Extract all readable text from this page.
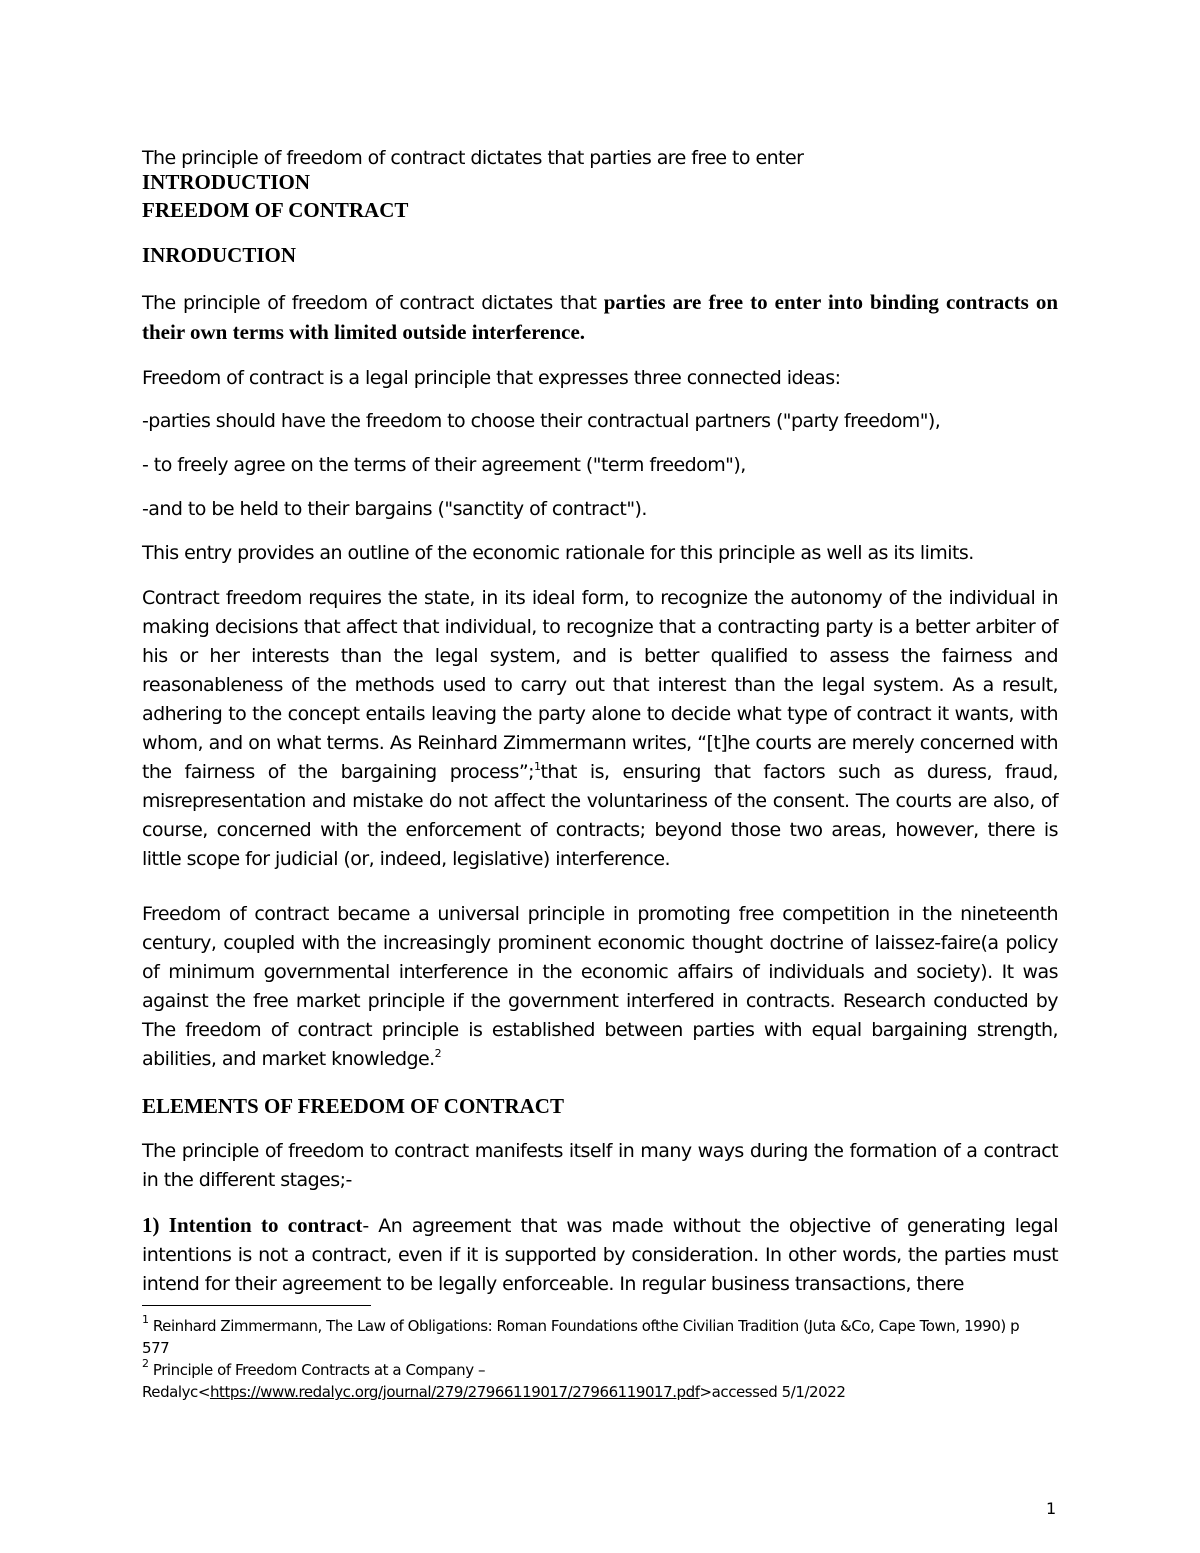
The principle of freedom of contract dictates that parties are free to enter
INTRODUCTION
FREEDOM OF CONTRACT
INRODUCTION

The principle of freedom of contract dictates that parties are free to enter into binding contracts on their own terms with limited outside interference.

Freedom of contract is a legal principle that expresses three connected ideas:
-parties should have the freedom to choose their contractual partners ("party freedom"),
- to freely agree on the terms of their agreement ("term freedom"),
-and to be held to their bargains ("sanctity of contract").
This entry provides an outline of the economic rationale for this principle as well as its limits.

Contract freedom requires the state, in its ideal form, to recognize the autonomy of the individual in making decisions that affect that individual, to recognize that a contracting party is a better arbiter of his or her interests than the legal system, and is better qualified to assess the fairness and reasonableness of the methods used to carry out that interest than the legal system. As a result, adhering to the concept entails leaving the party alone to decide what type of contract it wants, with whom, and on what terms. As Reinhard Zimmermann writes, “[t]he courts are merely concerned with the fairness of the bargaining process”;$^1$that is, ensuring that factors such as duress, fraud, misrepresentation and mistake do not affect the voluntariness of the consent. The courts are also, of course, concerned with the enforcement of contracts; beyond those two areas, however, there is little scope for judicial (or, indeed, legislative) interference.

Freedom of contract became a universal principle in promoting free competition in the nineteenth century, coupled with the increasingly prominent economic thought doctrine of laissez-faire(a policy of minimum governmental interference in the economic affairs of individuals and society). It was against the free market principle if the government interfered in contracts. Research conducted by The freedom of contract principle is established between parties with equal bargaining strength, abilities, and market knowledge.$^2$

ELEMENTS OF FREEDOM OF CONTRACT

The principle of freedom to contract manifests itself in many ways during the formation of a contract in the different stages;-

1) Intention to contract- An agreement that was made without the objective of generating legal intentions is not a contract, even if it is supported by consideration. In other words, the parties must intend for their agreement to be legally enforceable. In regular business transactions, there

$^1$ Reinhard Zimmermann, The Law of Obligations: Roman Foundations ofthe Civilian Tradition (Juta &Co, Cape Town, 1990) p 577

$^2$ Principle of Freedom Contracts at a Company –

Redalyc<https://www.redalyc.org/journal/279/27966119017/27966119017.pdf>accessed 5/1/2022

1
